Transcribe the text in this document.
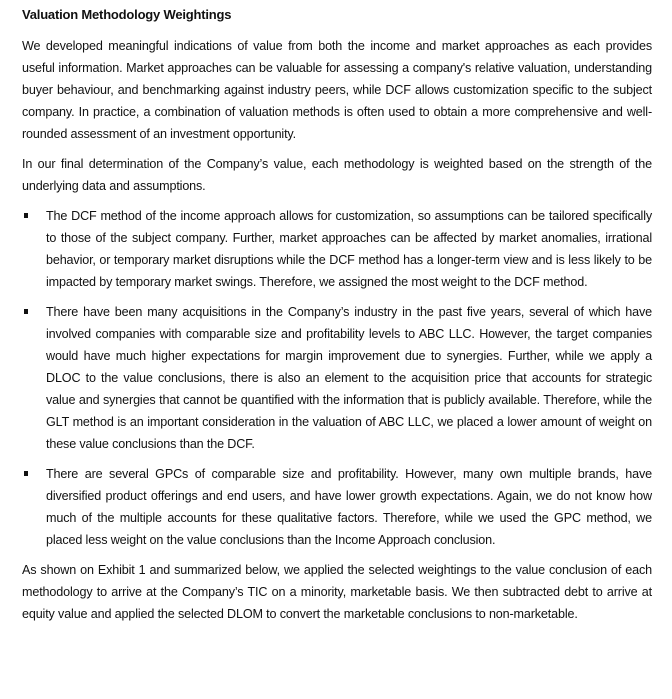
Valuation Methodology Weightings

We developed meaningful indications of value from both the income and market approaches as each provides useful information. Market approaches can be valuable for assessing a company's relative valuation, understanding buyer behaviour, and benchmarking against industry peers, while DCF allows customization specific to the subject company. In practice, a combination of valuation methods is often used to obtain a more comprehensive and well- rounded assessment of an investment opportunity.

In our final determination of the Company’s value, each methodology is weighted based on the strength of the underlying data and assumptions.

The DCF method of the income approach allows for customization, so assumptions can be tailored specifically to those of the subject company. Further, market approaches can be affected by market anomalies, irrational behavior, or temporary market disruptions while the DCF method has a longer-term view and is less likely to be impacted by temporary market swings. Therefore, we assigned the most weight to the DCF method.
There have been many acquisitions in the Company’s industry in the past five years, several of which have involved companies with comparable size and profitability levels to ABC LLC. However, the target companies would have much higher expectations for margin improvement due to synergies. Further, while we apply a DLOC to the value conclusions, there is also an element to the acquisition price that accounts for strategic value and synergies that cannot be quantified with the information that is publicly available. Therefore, while the GLT method is an important consideration in the valuation of ABC LLC, we placed a lower amount of weight on these value conclusions than the DCF.
There are several GPCs of comparable size and profitability. However, many own multiple brands, have diversified product offerings and end users, and have lower growth expectations. Again, we do not know how much of the multiple accounts for these qualitative factors. Therefore, while we used the GPC method, we placed less weight on the value conclusions than the Income Approach conclusion.

As shown on Exhibit 1 and summarized below, we applied the selected weightings to the value conclusion of each methodology to arrive at the Company’s TIC on a minority, marketable basis. We then subtracted debt to arrive at equity value and applied the selected DLOM to convert the marketable conclusions to non-marketable.
